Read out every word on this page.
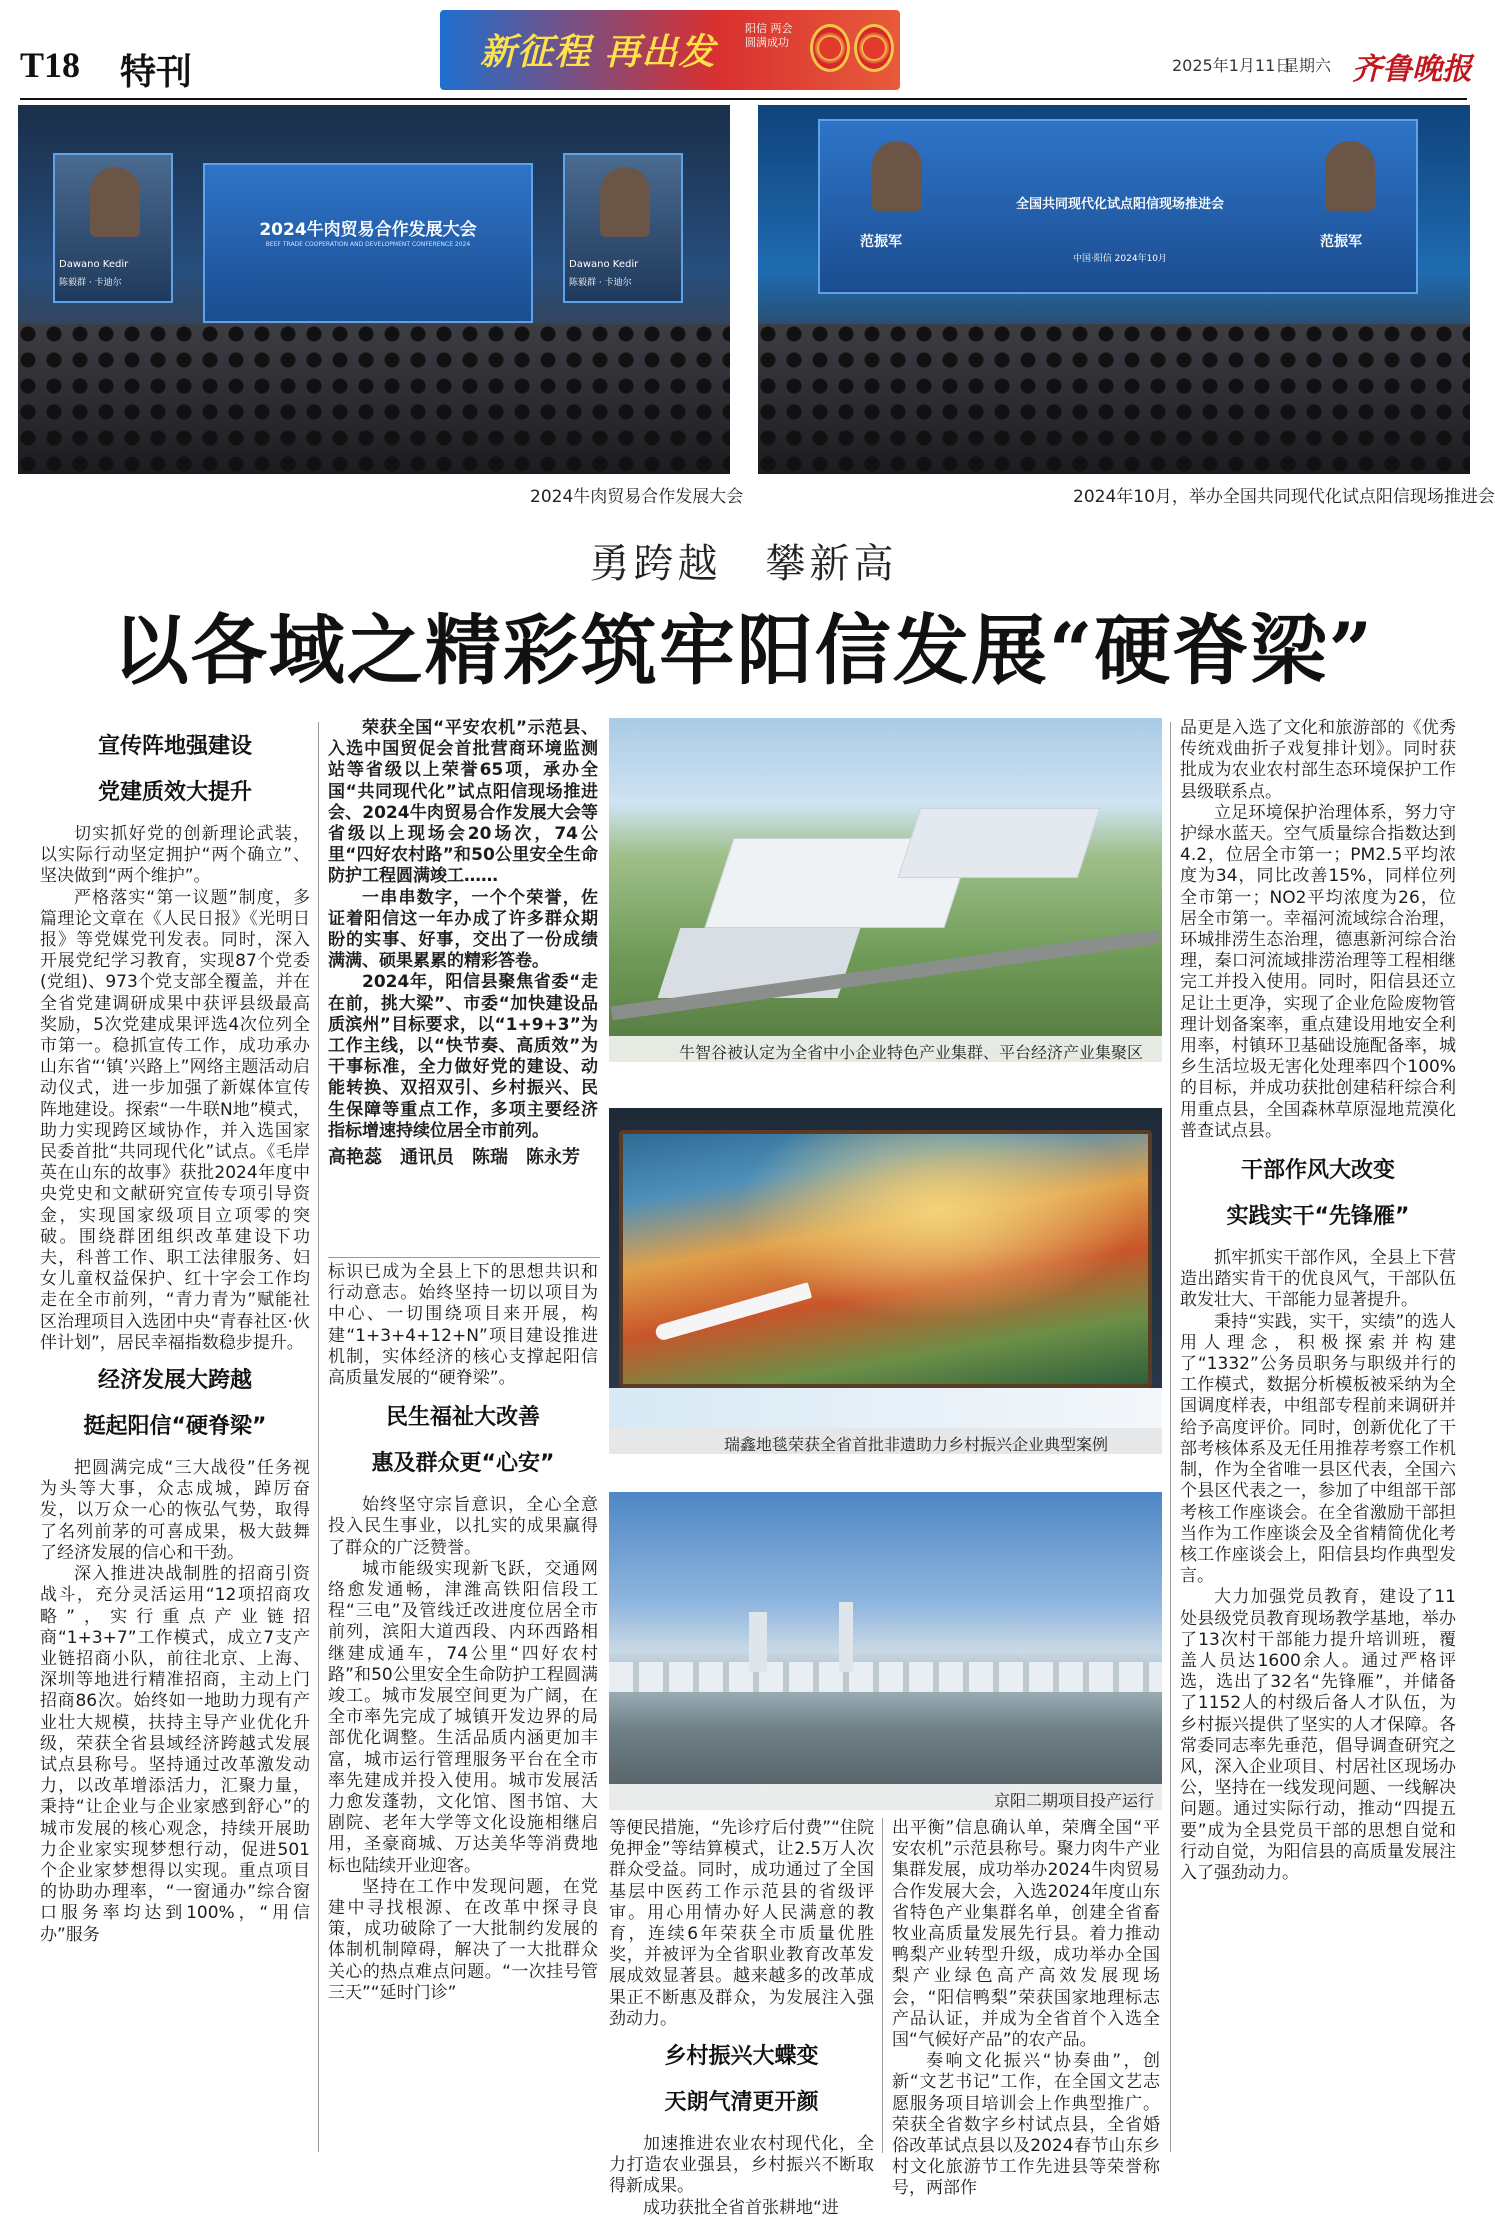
T18 特刊	新征程 再出发
阳信 两会 圆满成功
2025年1月11日
星期六 齐鲁晚报
2024牛肉贸易合作发展大会
BEEF TRADE COOPERATION AND DEVELOPMENT CONFERENCE 2024
Dawano Kedir
陈毅群 · 卡迪尔
Dawano Kedir
陈毅群 · 卡迪尔
2024牛肉贸易合作发展大会
全国共同现代化试点阳信现场推进会
范振军	范振军
中国·阳信 2024年10月
2024年10月，举办全国共同现代化试点阳信现场推进会
勇跨越　攀新高
以各域之精彩筑牢阳信发展“硬脊梁”
宣传阵地强建设
党建质效大提升

切实抓好党的创新理论武装，以实际行动坚定拥护“两个确立”、坚决做到“两个维护”。

严格落实“第一议题”制度，多篇理论文章在《人民日报》《光明日报》等党媒党刊发表。同时，深入开展党纪学习教育，实现87个党委(党组)、973个党支部全覆盖，并在全省党建调研成果中获评县级最高奖励，5次党建成果评选4次位列全市第一。稳抓宣传工作，成功承办山东省“‘镇’兴路上”网络主题活动启动仪式，进一步加强了新媒体宣传阵地建设。探索“一牛联N地”模式，助力实现跨区域协作，并入选国家民委首批“共同现代化”试点。《毛岸英在山东的故事》获批2024年度中央党史和文献研究宣传专项引导资金，实现国家级项目立项零的突破。围绕群团组织改革建设下功夫，科普工作、职工法律服务、妇女儿童权益保护、红十字会工作均走在全市前列，“青力青为”赋能社区治理项目入选团中央“青春社区·伙伴计划”，居民幸福指数稳步提升。

经济发展大跨越
挺起阳信“硬脊梁”

把圆满完成“三大战役”任务视为头等大事，众志成城，踔厉奋发，以万众一心的恢弘气势，取得了名列前茅的可喜成果，极大鼓舞了经济发展的信心和干劲。

深入推进决战制胜的招商引资战斗，充分灵活运用“12项招商攻略”，实行重点产业链招商“1+3+7”工作模式，成立7支产业链招商小队，前往北京、上海、深圳等地进行精准招商，主动上门招商86次。始终如一地助力现有产业壮大规模，扶持主导产业优化升级，荣获全省县域经济跨越式发展试点县称号。坚持通过改革激发动力，以改革增添活力，汇聚力量，秉持“让企业与企业家感到舒心”的城市发展的核心观念，持续开展助力企业家实现梦想行动，促进501个企业家梦想得以实现。重点项目的协助办理率，“一窗通办”综合窗口服务率均达到100%，“用信办”服务

荣获全国“平安农机”示范县、入选中国贸促会首批营商环境监测站等省级以上荣誉65项，承办全国“共同现代化”试点阳信现场推进会、2024牛肉贸易合作发展大会等省级以上现场会20场次，74公里“四好农村路”和50公里安全生命防护工程圆满竣工……

一串串数字，一个个荣誉，佐证着阳信这一年办成了许多群众期盼的实事、好事，交出了一份成绩满满、硕果累累的精彩答卷。

2024年，阳信县聚焦省委“走在前，挑大梁”、市委“加快建设品质滨州”目标要求，以“1+9+3”为工作主线，以“快节奏、高质效”为干事标准，全力做好党的建设、动能转换、双招双引、乡村振兴、民生保障等重点工作，多项主要经济指标增速持续位居全市前列。

高艳蕊　通讯员　陈瑞　陈永芳

标识已成为全县上下的思想共识和行动意志。始终坚持一切以项目为中心、一切围绕项目来开展，构建“1+3+4+12+N”项目建设推进机制，实体经济的核心支撑起阳信高质量发展的“硬脊梁”。

民生福祉大改善
惠及群众更“心安”

始终坚守宗旨意识，全心全意投入民生事业，以扎实的成果赢得了群众的广泛赞誉。

城市能级实现新飞跃，交通网络愈发通畅，津潍高铁阳信段工程“三电”及管线迁改进度位居全市前列，滨阳大道西段、内环西路相继建成通车，74公里“四好农村路”和50公里安全生命防护工程圆满竣工。城市发展空间更为广阔，在全市率先完成了城镇开发边界的局部优化调整。生活品质内涵更加丰富，城市运行管理服务平台在全市率先建成并投入使用。城市发展活力愈发蓬勃，文化馆、图书馆、大剧院、老年大学等文化设施相继启用，圣豪商城、万达美华等消费地标也陆续开业迎客。

坚持在工作中发现问题，在党建中寻找根源、在改革中探寻良策，成功破除了一大批制约发展的体制机制障碍，解决了一大批群众关心的热点难点问题。“一次挂号管三天”“延时门诊”

牛智谷被认定为全省中小企业特色产业集群、平台经济产业集聚区
瑞鑫地毯荣获全省首批非遗助力乡村振兴企业典型案例
京阳二期项目投产运行

等便民措施，“先诊疗后付费”“住院免押金”等结算模式，让2.5万人次群众受益。同时，成功通过了全国基层中医药工作示范县的省级评审。用心用情办好人民满意的教育，连续6年荣获全市质量优胜奖，并被评为全省职业教育改革发展成效显著县。越来越多的改革成果正不断惠及群众，为发展注入强劲动力。

乡村振兴大蝶变
天朗气清更开颜

加速推进农业农村现代化，全力打造农业强县，乡村振兴不断取得新成果。

成功获批全省首张耕地“进

出平衡”信息确认单，荣膺全国“平安农机”示范县称号。聚力肉牛产业集群发展，成功举办2024牛肉贸易合作发展大会，入选2024年度山东省特色产业集群名单，创建全省畜牧业高质量发展先行县。着力推动鸭梨产业转型升级，成功举办全国梨产业绿色高产高效发展现场会，“阳信鸭梨”荣获国家地理标志产品认证，并成为全省首个入选全国“气候好产品”的农产品。

奏响文化振兴“协奏曲”，创新“文艺书记”工作，在全国文艺志愿服务项目培训会上作典型推广。荣获全省数字乡村试点县，全省婚俗改革试点县以及2024春节山东乡村文化旅游节工作先进县等荣誉称号，两部作

品更是入选了文化和旅游部的《优秀传统戏曲折子戏复排计划》。同时获批成为农业农村部生态环境保护工作县级联系点。

立足环境保护治理体系，努力守护绿水蓝天。空气质量综合指数达到4.2，位居全市第一；PM2.5平均浓度为34，同比改善15%，同样位列全市第一；NO2平均浓度为26，位居全市第一。幸福河流域综合治理，环城排涝生态治理，德惠新河综合治理，秦口河流域排涝治理等工程相继完工并投入使用。同时，阳信县还立足让土更净，实现了企业危险废物管理计划备案率，重点建设用地安全利用率，村镇环卫基础设施配备率，城乡生活垃圾无害化处理率四个100%的目标，并成功获批创建秸秆综合利用重点县，全国森林草原湿地荒漠化普查试点县。

干部作风大改变
实践实干“先锋雁”

抓牢抓实干部作风，全县上下营造出踏实肯干的优良风气，干部队伍敢发壮大、干部能力显著提升。

秉持“实践，实干，实绩”的选人用人理念，积极探索并构建了“1332”公务员职务与职级并行的工作模式，数据分析模板被采纳为全国调度样表，中组部专程前来调研并给予高度评价。同时，创新优化了干部考核体系及无任用推荐考察工作机制，作为全省唯一县区代表，全国六个县区代表之一，参加了中组部干部考核工作座谈会。在全省激励干部担当作为工作座谈会及全省精简优化考核工作座谈会上，阳信县均作典型发言。

大力加强党员教育，建设了11处县级党员教育现场教学基地，举办了13次村干部能力提升培训班，覆盖人员达1600余人。通过严格评选，选出了32名“先锋雁”，并储备了1152人的村级后备人才队伍，为乡村振兴提供了坚实的人才保障。各常委同志率先垂范，倡导调查研究之风，深入企业项目、村居社区现场办公，坚持在一线发现问题、一线解决问题。通过实际行动，推动“四提五要”成为全县党员干部的思想自觉和行动自觉，为阳信县的高质量发展注入了强劲动力。
